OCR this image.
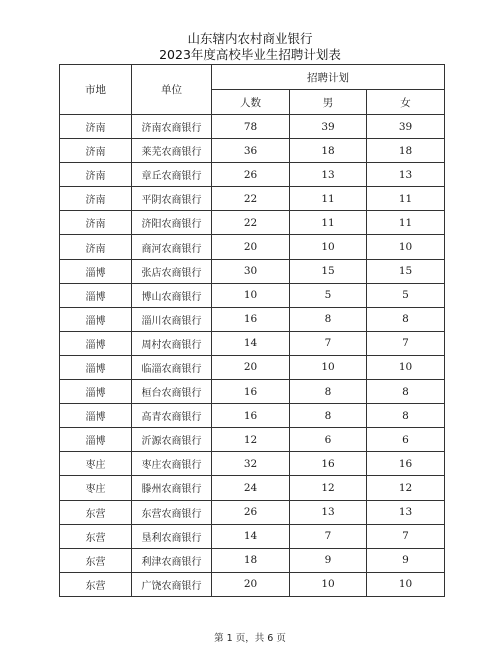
山东辖内农村商业银行
2023年度高校毕业生招聘计划表
市地	单位	招聘计划		
		人数	男	女
济南	济南农商银行	78	39	39
济南	莱芜农商银行	36	18	18
济南	章丘农商银行	26	13	13
济南	平阴农商银行	22	11	11
济南	济阳农商银行	22	11	11
济南	商河农商银行	20	10	10
淄博	张店农商银行	30	15	15
淄博	博山农商银行	10	5	5
淄博	淄川农商银行	16	8	8
淄博	周村农商银行	14	7	7
淄博	临淄农商银行	20	10	10
淄博	桓台农商银行	16	8	8
淄博	高青农商银行	16	8	8
淄博	沂源农商银行	12	6	6
枣庄	枣庄农商银行	32	16	16
枣庄	滕州农商银行	24	12	12
东营	东营农商银行	26	13	13
东营	垦利农商银行	14	7	7
东营	利津农商银行	18	9	9
东营	广饶农商银行	20	10	10
第 1 页，共 6 页
